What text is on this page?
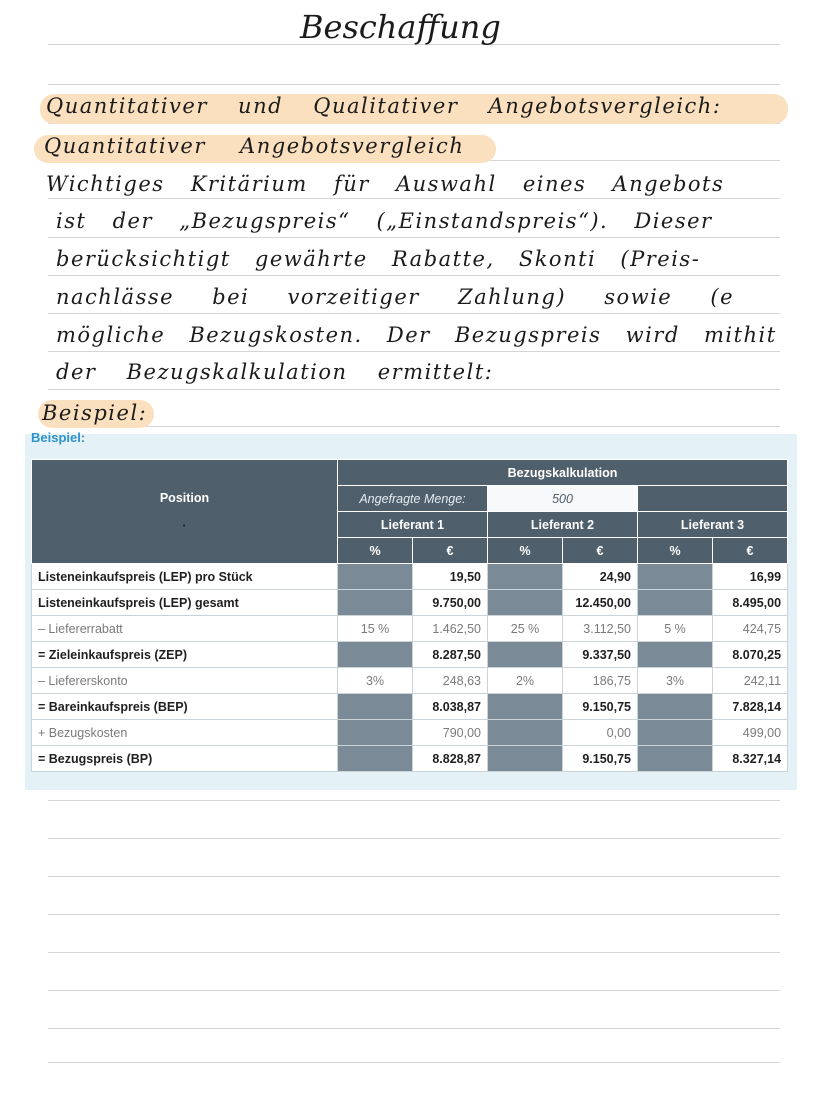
Beschaffung
Quantitativer und Qualitativer Angebotsvergleich:
Quantitativer Angebotsvergleich
Wichtiges Kritärium für Auswahl eines Angebots
ist der „Bezugspreis“ („Einstandspreis“). Dieser
berücksichtigt gewährte Rabatte, Skonti (Preis-
nachlässe bei vorzeitiger Zahlung) sowie (e
mögliche Bezugskosten. Der Bezugspreis wird mithit
der Bezugskalkulation ermittelt:
Beispiel:
Beispiel:
Position

·	Bezugskalkulation					
	Angefragte Menge:		500			
	Lieferant 1		Lieferant 2		Lieferant 3	
	%	€	%	€	%	€
Listeneinkaufspreis (LEP) pro Stück		19,50		24,90		16,99
Listeneinkaufspreis (LEP) gesamt		9.750,00		12.450,00		8.495,00
– Liefererrabatt	15 %	1.462,50	25 %	3.112,50	5 %	424,75
= Zieleinkaufspreis (ZEP)		8.287,50		9.337,50		8.070,25
– Liefererskonto	3%	248,63	2%	186,75	3%	242,11
= Bareinkaufspreis (BEP)		8.038,87		9.150,75		7.828,14
+ Bezugskosten		790,00		0,00		499,00
= Bezugspreis (BP)		8.828,87		9.150,75		8.327,14
